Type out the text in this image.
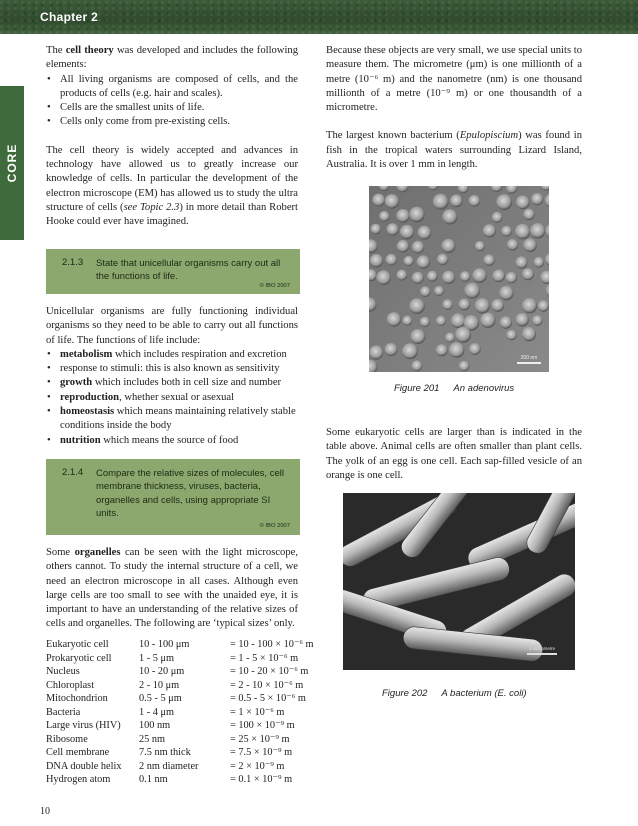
Chapter 2
CORE

The cell theory was developed and includes the following elements:

• All living organisms are composed of cells, and the products of cells (e.g. hair and scales).
• Cells are the smallest units of life.
• Cells only come from pre-existing cells.

The cell theory is widely accepted and advances in technology have allowed us to greatly increase our knowledge of cells. In particular the development of the electron microscope (EM) has allowed us to study the ultra structure of cells (see Topic 2.3) in more detail than Robert Hooke could ever have imagined.

2.1.3 State that unicellular organisms carry out all the functions of life.
© IBO 2007

Unicellular organisms are fully functioning individual organisms so they need to be able to carry out all functions of life. The functions of life include:

• metabolism which includes respiration and excretion
• response to stimuli: this is also known as sensitivity
• growth which includes both in cell size and number
• reproduction, whether sexual or asexual
• homeostasis which means maintaining relatively stable conditions inside the body
• nutrition which means the source of food
2.1.4 Compare the relative sizes of molecules, cell membrane thickness, viruses, bacteria, organelles and cells, using appropriate SI units.
© IBO 2007

Some organelles can be seen with the light microscope, others cannot. To study the internal structure of a cell, we need an electron microscope in all cases. Although even large cells are too small to see with the unaided eye, it is important to have an understanding of the relative sizes of cells and organelles. The following are ‘typical sizes’ only.

Eukaryotic cell	10 - 100 μm	= 10 - 100 × 10⁻⁶ m
Prokaryotic cell	1 - 5 μm	= 1 - 5 × 10⁻⁶ m
Nucleus	10 - 20 μm	= 10 - 20 × 10⁻⁶ m
Chloroplast	2 - 10 μm	= 2 - 10 × 10⁻⁶ m
Mitochondrion	0.5 - 5 μm	= 0.5 - 5 × 10⁻⁶ m
Bacteria	1 - 4 μm	= 1 × 10⁻⁶ m
Large virus (HIV)	100 nm	= 100 × 10⁻⁹ m
Ribosome	25 nm	= 25 × 10⁻⁹ m
Cell membrane	7.5 nm thick	= 7.5 × 10⁻⁹ m
DNA double helix	2 nm diameter	= 2 × 10⁻⁹ m
Hydrogen atom	0.1 nm	= 0.1 × 10⁻⁹ m

Because these objects are very small, we use special units to measure them. The micrometre (μm) is one millionth of a metre (10⁻⁶ m) and the nanometre (nm) is one thousand millionth of a metre (10⁻⁹ m) or one thousandth of a micrometre.

The largest known bacterium (Epulopiscium) was found in fish in the tropical waters surrounding Lizard Island, Australia. It is over 1 mm in length.

200 nm
Figure 201 An adenovirus

Some eukaryotic cells are larger than is indicated in the table above. Animal cells are often smaller than plant cells. The yolk of an egg is one cell. Each sap-filled vesicle of an orange is one cell.

1 micrometre
Figure 202 A bacterium (E. coli)
10
